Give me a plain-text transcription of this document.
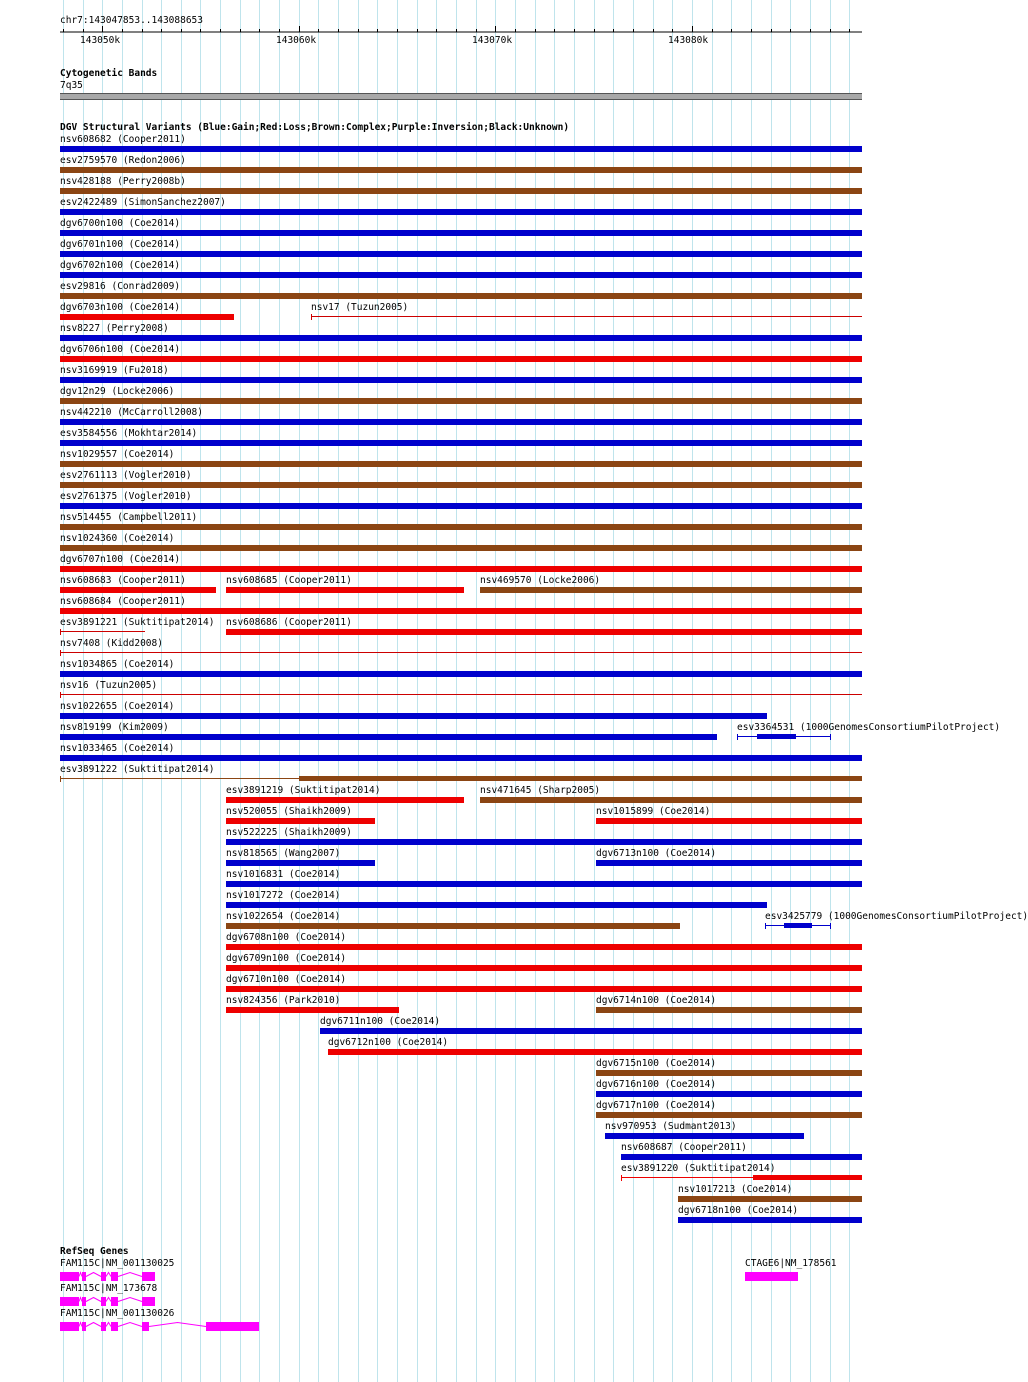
chr7:143047853..143088653
143050k	143060k	143070k	143080k
Cytogenetic Bands
7q35
DGV Structural Variants (Blue:Gain;Red:Loss;Brown:Complex;Purple:Inversion;Black:Unknown)
nsv608682 (Cooper2011)
esv2759570 (Redon2006)
nsv428188 (Perry2008b)
esv2422489 (SimonSanchez2007)
dgv6700n100 (Coe2014)
dgv6701n100 (Coe2014)
dgv6702n100 (Coe2014)
esv29816 (Conrad2009)
dgv6703n100 (Coe2014)	nsv17 (Tuzun2005)
nsv8227 (Perry2008)
dgv6706n100 (Coe2014)
nsv3169919 (Fu2018)
dgv12n29 (Locke2006)
nsv442210 (McCarroll2008)
esv3584556 (Mokhtar2014)
nsv1029557 (Coe2014)
esv2761113 (Vogler2010)
esv2761375 (Vogler2010)
nsv514455 (Campbell2011)
nsv1024360 (Coe2014)
dgv6707n100 (Coe2014)
nsv608683 (Cooper2011)	nsv608685 (Cooper2011)	nsv469570 (Locke2006)
nsv608684 (Cooper2011)
esv3891221 (Suktitipat2014) nsv608686 (Cooper2011)
nsv7408 (Kidd2008)
nsv1034865 (Coe2014)
nsv16 (Tuzun2005)
nsv1022655 (Coe2014)
nsv819199 (Kim2009)	esv3364531 (1000GenomesConsortiumPilotProject)
nsv1033465 (Coe2014)
esv3891222 (Suktitipat2014)
esv3891219 (Suktitipat2014)	nsv471645 (Sharp2005)
nsv520055 (Shaikh2009)	nsv1015899 (Coe2014)
nsv522225 (Shaikh2009)
nsv818565 (Wang2007)	dgv6713n100 (Coe2014)
nsv1016831 (Coe2014)
nsv1017272 (Coe2014)
nsv1022654 (Coe2014)	esv3425779 (1000GenomesConsortiumPilotProject)
dgv6708n100 (Coe2014)
dgv6709n100 (Coe2014)
dgv6710n100 (Coe2014)
nsv824356 (Park2010)	dgv6714n100 (Coe2014)
dgv6711n100 (Coe2014)
dgv6712n100 (Coe2014)
dgv6715n100 (Coe2014)
dgv6716n100 (Coe2014)
dgv6717n100 (Coe2014)
nsv970953 (Sudmant2013)
nsv608687 (Cooper2011)
esv3891220 (Suktitipat2014)
nsv1017213 (Coe2014)
dgv6718n100 (Coe2014)
RefSeq Genes
FAM115C|NM_001130025
FAM115C|NM_173678
FAM115C|NM_001130026
CTAGE6|NM_178561
